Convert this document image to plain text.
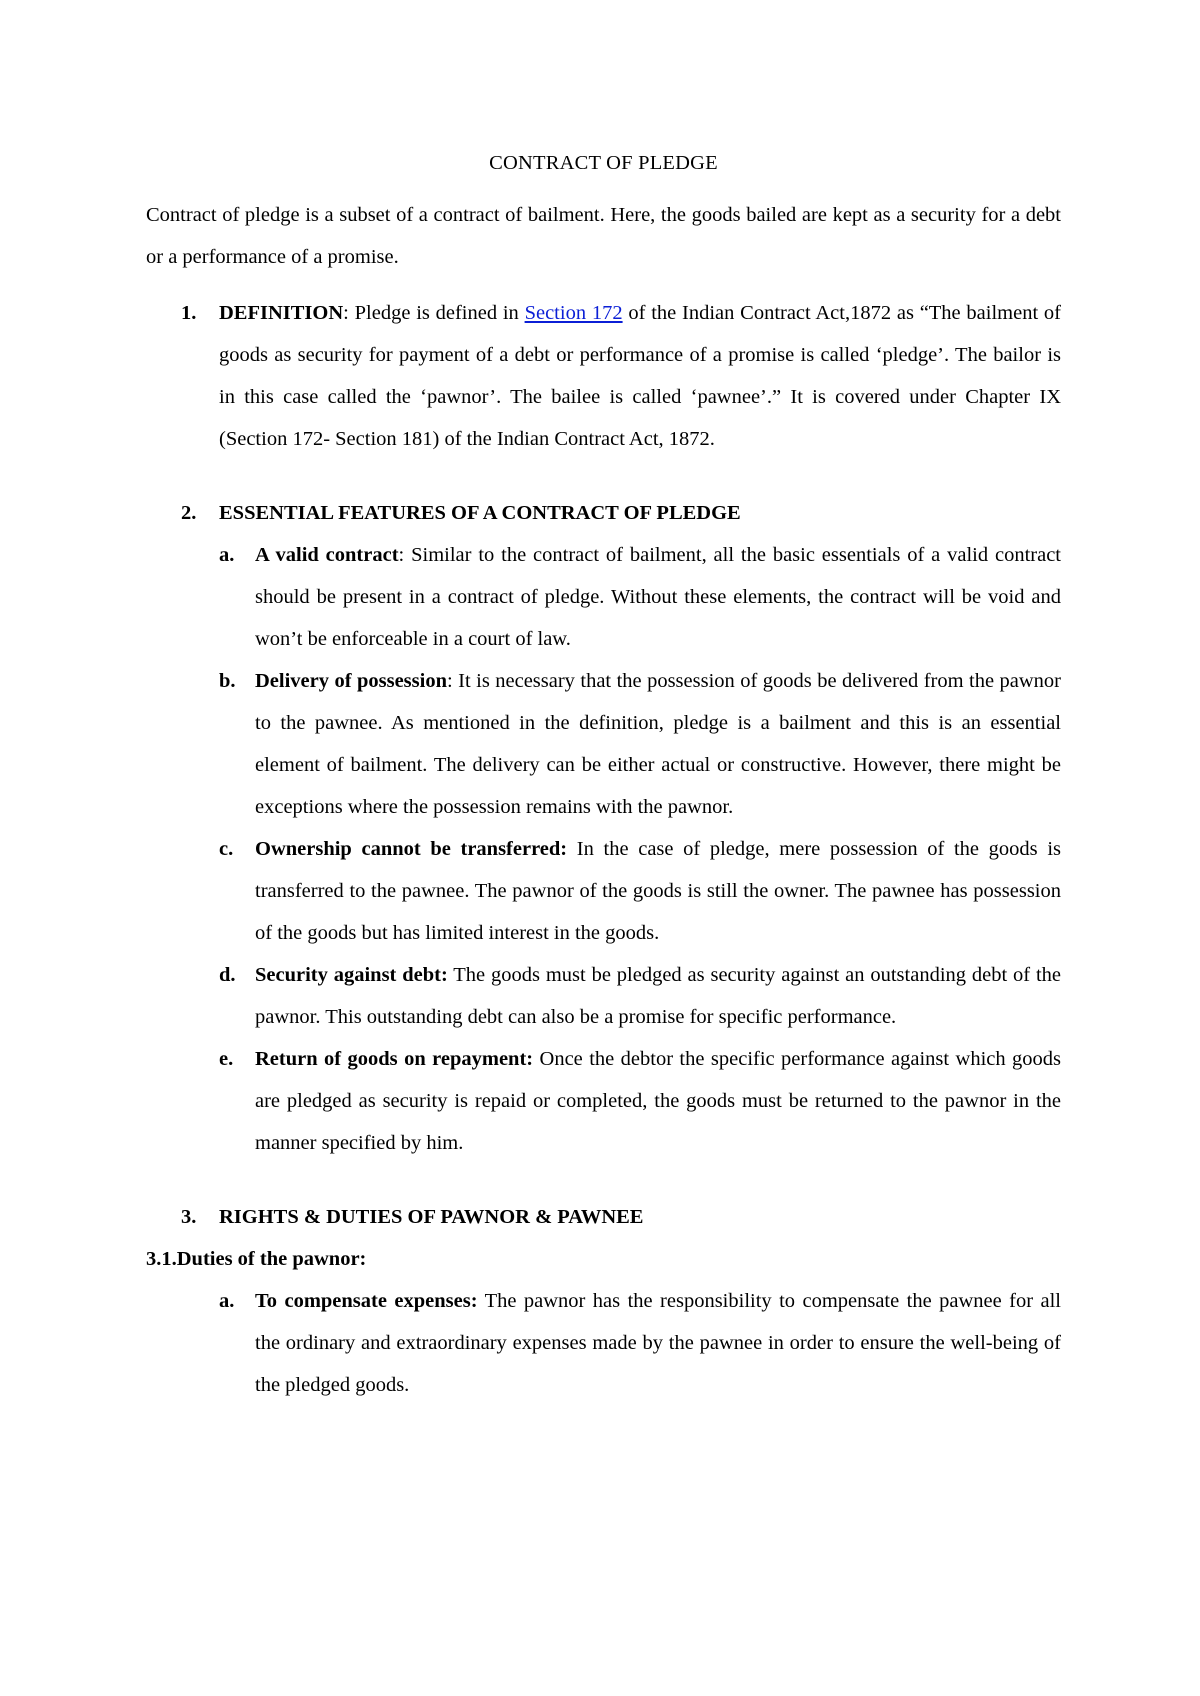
CONTRACT OF PLEDGE

Contract of pledge is a subset of a contract of bailment. Here, the goods bailed are kept as a security for a debt or a performance of a promise.

1. DEFINITION: Pledge is defined in Section 172 of the Indian Contract Act,1872 as “The bailment of goods as security for payment of a debt or performance of a promise is called ‘pledge’. The bailor is in this case called the ‘pawnor’. The bailee is called ‘pawnee’.” It is covered under Chapter IX (Section 172- Section 181) of the Indian Contract Act, 1872.

2. ESSENTIAL FEATURES OF A CONTRACT OF PLEDGE

a. A valid contract: Similar to the contract of bailment, all the basic essentials of a valid contract should be present in a contract of pledge. Without these elements, the contract will be void and won’t be enforceable in a court of law.

b. Delivery of possession: It is necessary that the possession of goods be delivered from the pawnor to the pawnee. As mentioned in the definition, pledge is a bailment and this is an essential element of bailment. The delivery can be either actual or constructive. However, there might be exceptions where the possession remains with the pawnor.

c. Ownership cannot be transferred: In the case of pledge, mere possession of the goods is transferred to the pawnee. The pawnor of the goods is still the owner. The pawnee has possession of the goods but has limited interest in the goods.

d. Security against debt: The goods must be pledged as security against an outstanding debt of the pawnor. This outstanding debt can also be a promise for specific performance.

e. Return of goods on repayment: Once the debtor the specific performance against which goods are pledged as security is repaid or completed, the goods must be returned to the pawnor in the manner specified by him.

3. RIGHTS & DUTIES OF PAWNOR & PAWNEE

3.1.Duties of the pawnor:

a. To compensate expenses: The pawnor has the responsibility to compensate the pawnee for all the ordinary and extraordinary expenses made by the pawnee in order to ensure the well-being of the pledged goods.
